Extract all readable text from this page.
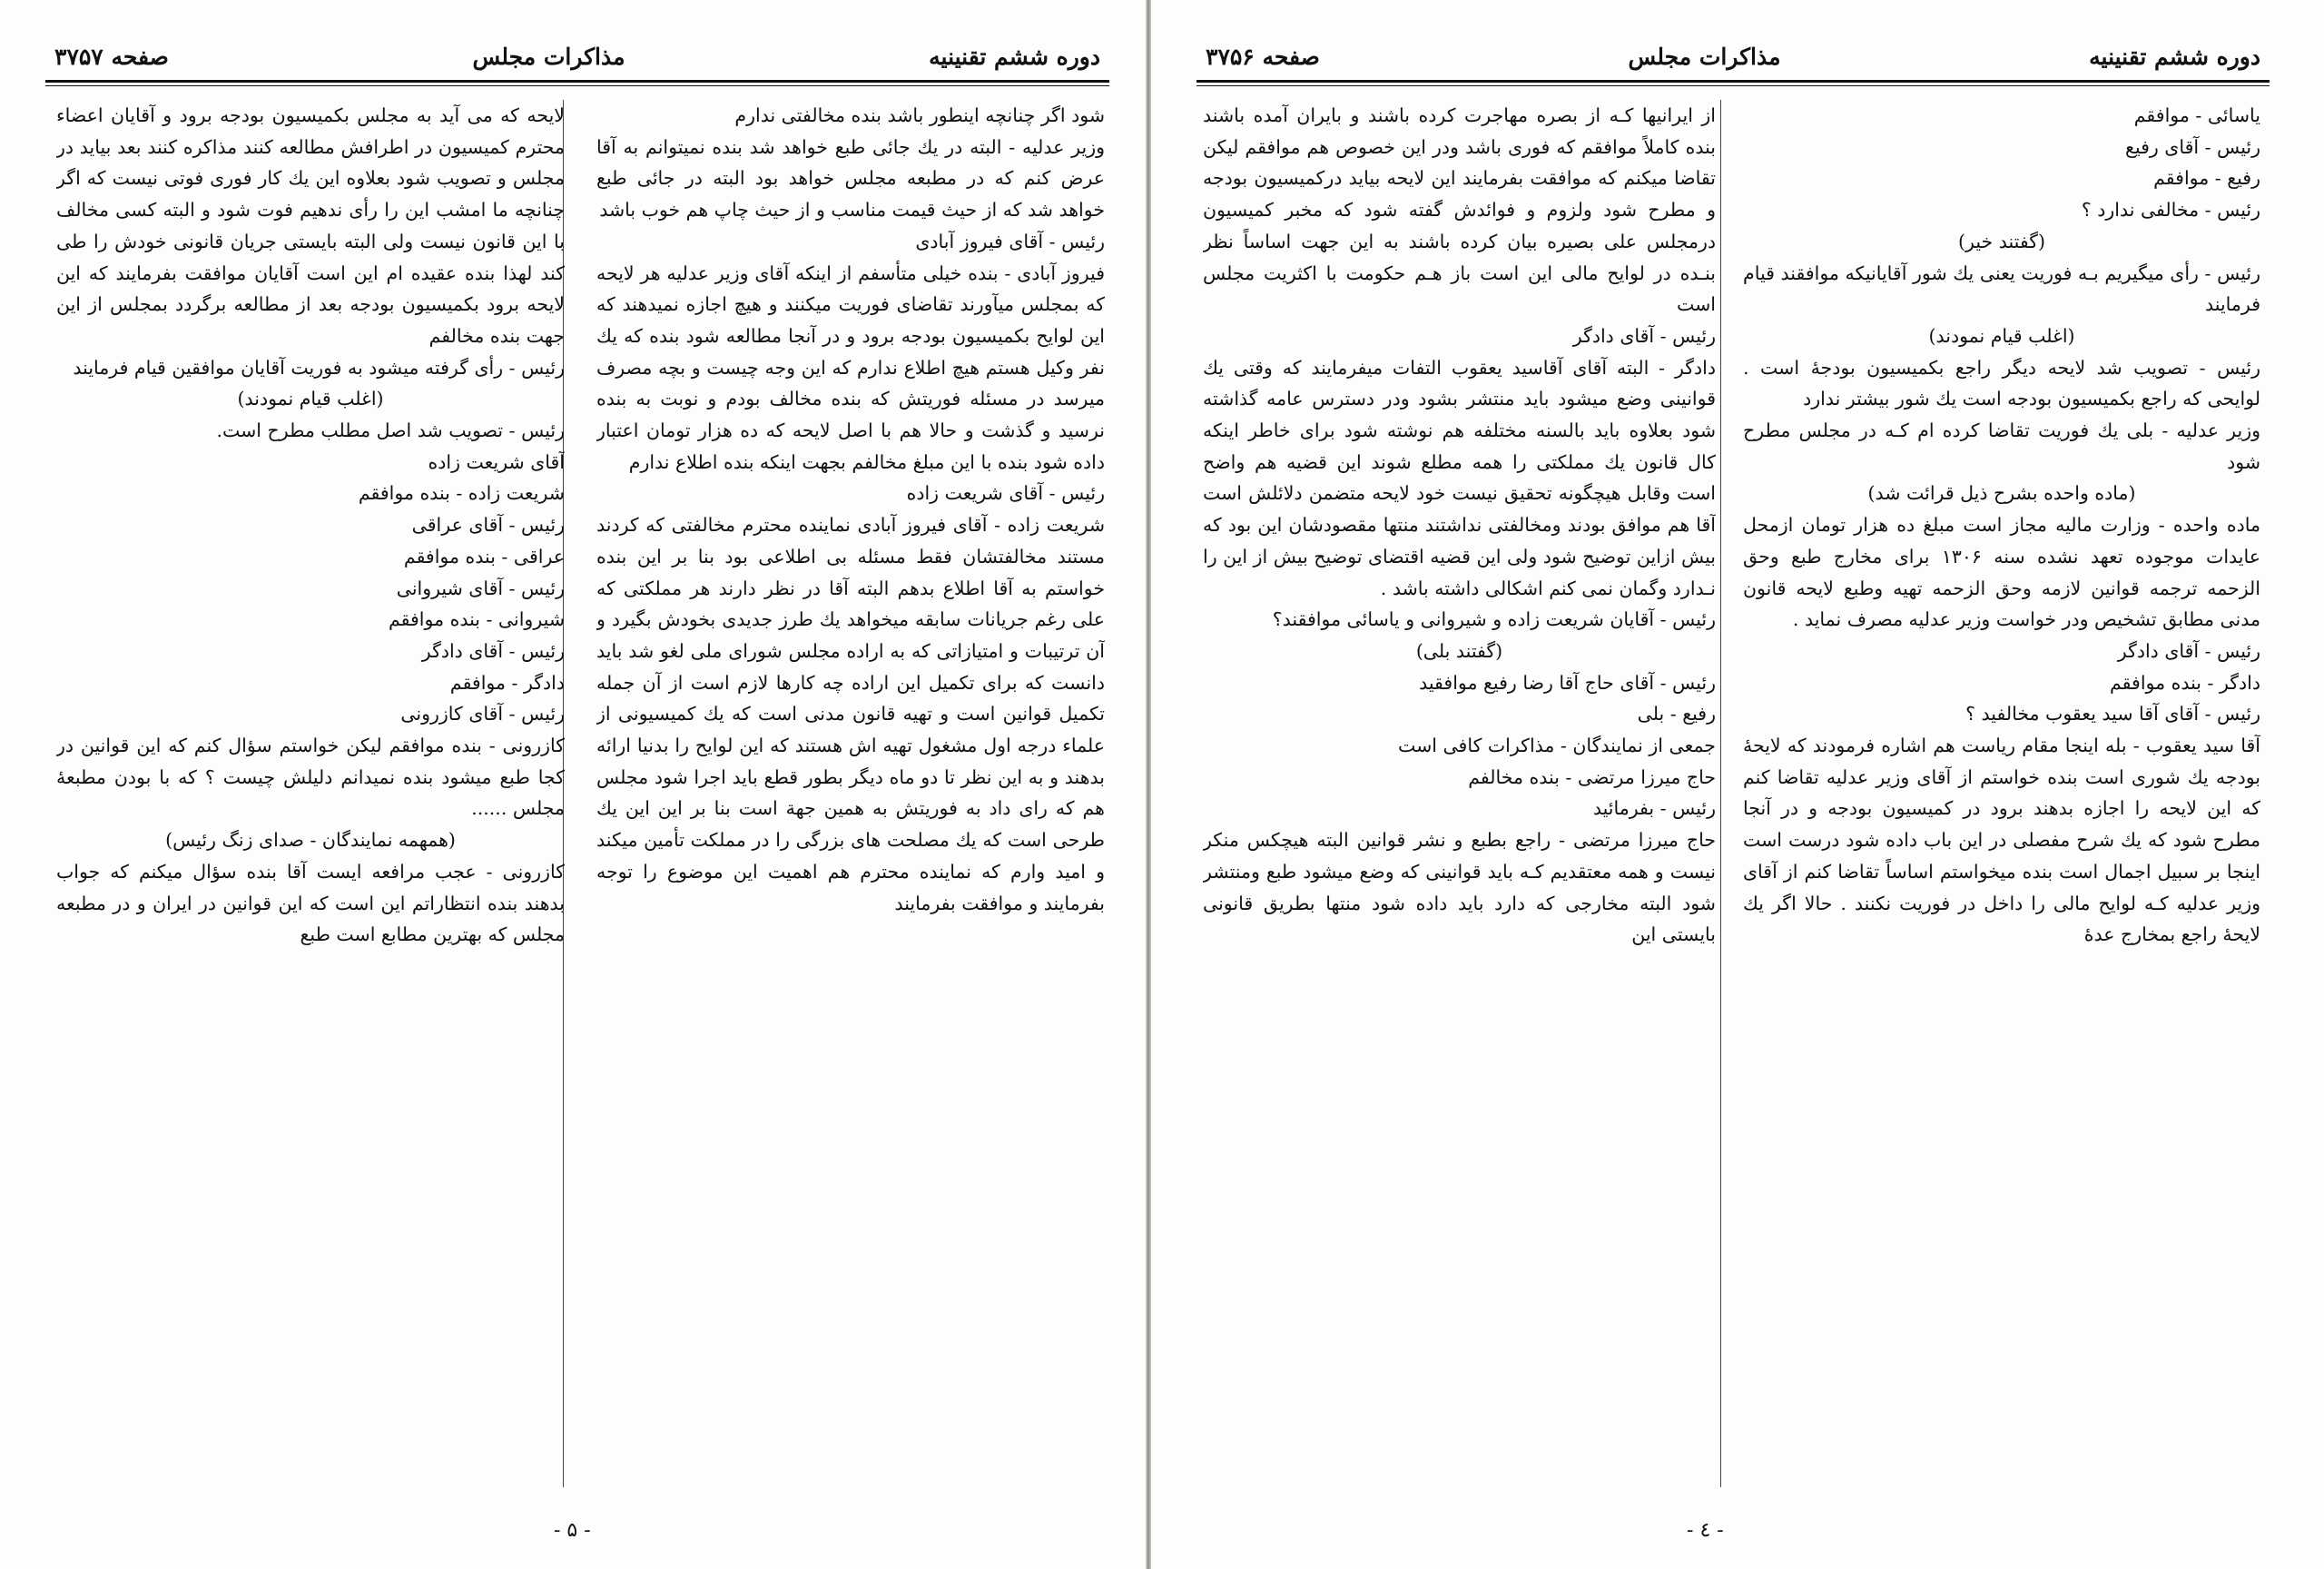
دوره ششم تقنینیه
مذاکرات مجلس
صفحه ۳۷۵۷

شود اگر چنانچه اینطور باشد بنده مخالفتی ندارم

وزیر عدلیه - البته در یك جائی طبع خواهد شد بنده نمیتوانم به آقا عرض کنم که در مطبعه مجلس خواهد بود البته در جائی طبع خواهد شد که از حیث قیمت مناسب و از حیث چاپ هم خوب باشد

رئیس - آقای فیروز آبادی

فیروز آبادی - بنده خیلی متأسفم از اینکه آقای وزیر عدلیه هر لایحه که بمجلس میآورند تقاضای فوریت میکنند و هیچ اجازه نمیدهند که این لوایح بکمیسیون بودجه برود و در آنجا مطالعه شود بنده که یك نفر وکیل هستم هیچ اطلاع ندارم که این وجه چیست و بچه مصرف میرسد در مسئله فوریتش که بنده مخالف بودم و نوبت به بنده نرسید و گذشت و حالا هم با اصل لایحه که ده هزار تومان اعتبار داده شود بنده با این مبلغ مخالفم بجهت اینکه بنده اطلاع ندارم

رئیس - آقای شریعت زاده

شریعت زاده - آقای فیروز آبادی نماینده محترم مخالفتی که کردند مستند مخالفتشان فقط مسئله بی اطلاعی بود بنا بر این بنده خواستم به آقا اطلاع بدهم البته آقا در نظر دارند هر مملکتی که علی رغم جریانات سابقه میخواهد یك طرز جدیدی بخودش بگیرد و آن ترتیبات و امتیازاتی که به اراده مجلس شورای ملی لغو شد باید دانست که برای تکمیل این اراده چه کارها لازم است از آن جمله تکمیل قوانین است و تهیه قانون مدنی است که یك کمیسیونی از علماء درجه اول مشغول تهیه اش هستند که این لوایح را بدنیا ارائه بدهند و به این نظر تا دو ماه دیگر بطور قطع باید اجرا شود مجلس هم که رای داد به فوریتش به همین جهة است بنا بر این این یك طرحی است که یك مصلحت های بزرگی را در مملکت تأمین میکند و امید وارم که نماینده محترم هم اهمیت این موضوع را توجه بفرمایند و موافقت بفرمایند

لایحه که می آید به مجلس بکمیسیون بودجه برود و آقایان اعضاء محترم کمیسیون در اطرافش مطالعه کنند مذاکره کنند بعد بیاید در مجلس و تصویب شود بعلاوه این یك کار فوری فوتی نیست که اگر چنانچه ما امشب این را رأی ندهیم فوت شود و البته کسی مخالف با این قانون نیست ولی البته بایستی جریان قانونی خودش را طی کند لهذا بنده عقیده ام این است آقایان موافقت بفرمایند که این لایحه برود بکمیسیون بودجه بعد از مطالعه برگردد بمجلس از این جهت بنده مخالفم

رئیس - رأی گرفته میشود به فوریت آقایان موافقین قیام فرمایند

(اغلب قیام نمودند)

رئیس - تصویب شد اصل مطلب مطرح است.

آقای شریعت زاده

شریعت زاده - بنده موافقم

رئیس - آقای عراقی

عراقی - بنده موافقم

رئیس - آقای شیروانی

شیروانی - بنده موافقم

رئیس - آقای دادگر

دادگر - موافقم

رئیس - آقای کازرونی

کازرونی - بنده موافقم لیکن خواستم سؤال کنم که این قوانین در کجا طبع میشود بنده نمیدانم دلیلش چیست ؟ که با بودن مطبعهٔ مجلس ......

(همهمه نمایندگان - صدای زنگ رئیس)

کازرونی - عجب مرافعه ایست آقا بنده سؤال میکنم که جواب بدهند بنده انتظاراتم این است که این قوانین در ایران و در مطبعه مجلس که بهترین مطابع است طبع

- ۵ -
دوره ششم تقنینیه
مذاکرات مجلس
صفحه ۳۷۵۶

یاسائی - موافقم

رئیس - آقای رفیع

رفیع - موافقم

رئیس - مخالفی ندارد ؟

(گفتند خیر)

رئیس - رأی میگیریم بـه فوریت یعنی یك شور آقایانیکه موافقند قیام فرمایند

(اغلب قیام نمودند)

رئیس - تصویب شد لایحه دیگر راجع بکمیسیون بودجهٔ است . لوایحی که راجع بکمیسیون بودجه است یك شور بیشتر ندارد

وزیر عدلیه - بلی یك فوریت تقاضا کرده ام کـه در مجلس مطرح شود

(ماده واحده بشرح ذیل قرائت شد)

ماده واحده - وزارت مالیه مجاز است مبلغ ده هزار تومان ازمحل عایدات موجوده تعهد نشده سنه ۱۳۰۶ برای مخارج طبع وحق الزحمه ترجمه قوانین لازمه وحق الزحمه تهیه وطبع لایحه قانون مدنی مطابق تشخیص ودر خواست وزیر عدلیه مصرف نماید .

رئیس - آقای دادگر

دادگر - بنده موافقم

رئیس - آقای آقا سید یعقوب مخالفید ؟

آقا سید یعقوب - بله اینجا مقام ریاست هم اشاره فرمودند که لایحهٔ بودجه یك شوری است بنده خواستم از آقای وزیر عدلیه تقاضا کنم که این لایحه را اجازه بدهند برود در کمیسیون بودجه و در آنجا مطرح شود که یك شرح مفصلی در این باب داده شود درست است اینجا بر سبیل اجمال است بنده میخواستم اساساً تقاضا کنم از آقای وزیر عدلیه کـه لوایح مالی را داخل در فوریت نکنند . حالا اگر یك لایحهٔ راجع بمخارج عدهٔ

از ایرانیها کـه از بصره مهاجرت کرده باشند و بایران آمده باشند بنده کاملاً موافقم که فوری باشد ودر این خصوص هم موافقم لیکن تقاضا میکنم که موافقت بفرمایند این لایحه بیاید درکمیسیون بودجه و مطرح شود ولزوم و فوائدش گفته شود که مخبر کمیسیون درمجلس علی بصیره بیان کرده باشند به این جهت اساساً نظر بنـده در لوایح مالی این است باز هـم حکومت با اکثریت مجلس است

رئیس - آقای دادگر

دادگر - البته آقای آقاسید یعقوب التفات میفرمایند که وقتی یك قوانینی وضع میشود باید منتشر بشود ودر دسترس عامه گذاشته شود بعلاوه باید بالسنه مختلفه هم نوشته شود برای خاطر اینکه کال قانون یك مملکتی را همه مطلع شوند این قضیه هم واضح است وقابل هیچگونه تحقیق نیست خود لایحه متضمن دلائلش است آقا هم موافق بودند ومخالفتی نداشتند منتها مقصودشان این بود که بیش ازاین توضیح شود ولی این قضیه اقتضای توضیح بیش از این را نـدارد وگمان نمی کنم اشکالی داشته باشد .

رئیس - آقایان شریعت زاده و شیروانی و یاسائی موافقند؟

(گفتند بلی)

رئیس - آقای حاج آقا رضا رفیع موافقید

رفیع - بلی

جمعی از نمایندگان - مذاکرات کافی است

حاج میرزا مرتضی - بنده مخالفم

رئیس - بفرمائید

حاج میرزا مرتضی - راجع بطبع و نشر قوانین البته هیچکس منکر نیست و همه معتقدیم کـه باید قوانینی که وضع میشود طبع ومنتشر شود البته مخارجی که دارد باید داده شود منتها بطریق قانونی بایستی این

- ٤ -
